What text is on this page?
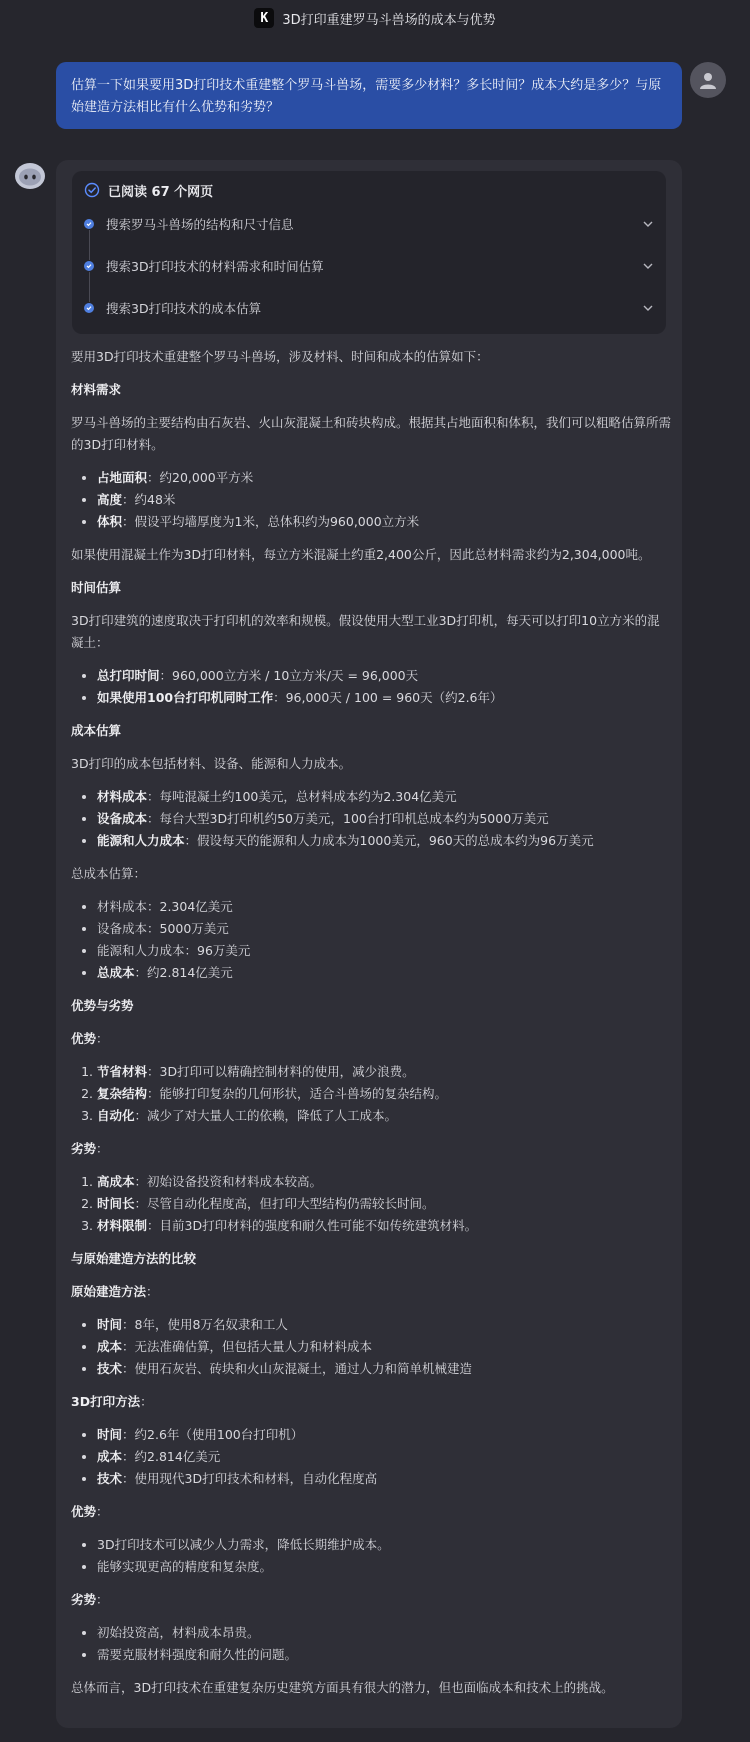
K	3D打印重建罗马斗兽场的成本与优势
估算一下如果要用3D打印技术重建整个罗马斗兽场，需要多少材料？多长时间？成本大约是多少？与原始建造方法相比有什么优势和劣势？
已阅读 67 个网页
搜索罗马斗兽场的结构和尺寸信息
搜索3D打印技术的材料需求和时间估算
搜索3D打印技术的成本估算

要用3D打印技术重建整个罗马斗兽场，涉及材料、时间和成本的估算如下：

材料需求

罗马斗兽场的主要结构由石灰岩、火山灰混凝土和砖块构成。根据其占地面积和体积，我们可以粗略估算所需的3D打印材料。

• 占地面积：约20,000平方米
• 高度：约48米
• 体积：假设平均墙厚度为1米，总体积约为960,000立方米

如果使用混凝土作为3D打印材料，每立方米混凝土约重2,400公斤，因此总材料需求约为2,304,000吨。

时间估算

3D打印建筑的速度取决于打印机的效率和规模。假设使用大型工业3D打印机，每天可以打印10立方米的混凝土：

• 总打印时间：960,000立方米 / 10立方米/天 = 96,000天
• 如果使用100台打印机同时工作：96,000天 / 100 = 960天（约2.6年）
成本估算

3D打印的成本包括材料、设备、能源和人力成本。

• 材料成本：每吨混凝土约100美元，总材料成本约为2.304亿美元
• 设备成本：每台大型3D打印机约50万美元，100台打印机总成本约为5000万美元
• 能源和人力成本：假设每天的能源和人力成本为1000美元，960天的总成本约为96万美元

总成本估算：

• 材料成本：2.304亿美元
• 设备成本：5000万美元
• 能源和人力成本：96万美元
• 总成本：约2.814亿美元
优势与劣势

优势：

1. 节省材料：3D打印可以精确控制材料的使用，减少浪费。
2. 复杂结构：能够打印复杂的几何形状，适合斗兽场的复杂结构。
3. 自动化：减少了对大量人工的依赖，降低了人工成本。

劣势：

1. 高成本：初始设备投资和材料成本较高。
2. 时间长：尽管自动化程度高，但打印大型结构仍需较长时间。
3. 材料限制：目前3D打印材料的强度和耐久性可能不如传统建筑材料。
与原始建造方法的比较

原始建造方法：

• 时间：8年，使用8万名奴隶和工人
• 成本：无法准确估算，但包括大量人力和材料成本
• 技术：使用石灰岩、砖块和火山灰混凝土，通过人力和简单机械建造

3D打印方法：

• 时间：约2.6年（使用100台打印机）
• 成本：约2.814亿美元
• 技术：使用现代3D打印技术和材料，自动化程度高

优势：

• 3D打印技术可以减少人力需求，降低长期维护成本。
• 能够实现更高的精度和复杂度。

劣势：

• 初始投资高，材料成本昂贵。
• 需要克服材料强度和耐久性的问题。

总体而言，3D打印技术在重建复杂历史建筑方面具有很大的潜力，但也面临成本和技术上的挑战。
